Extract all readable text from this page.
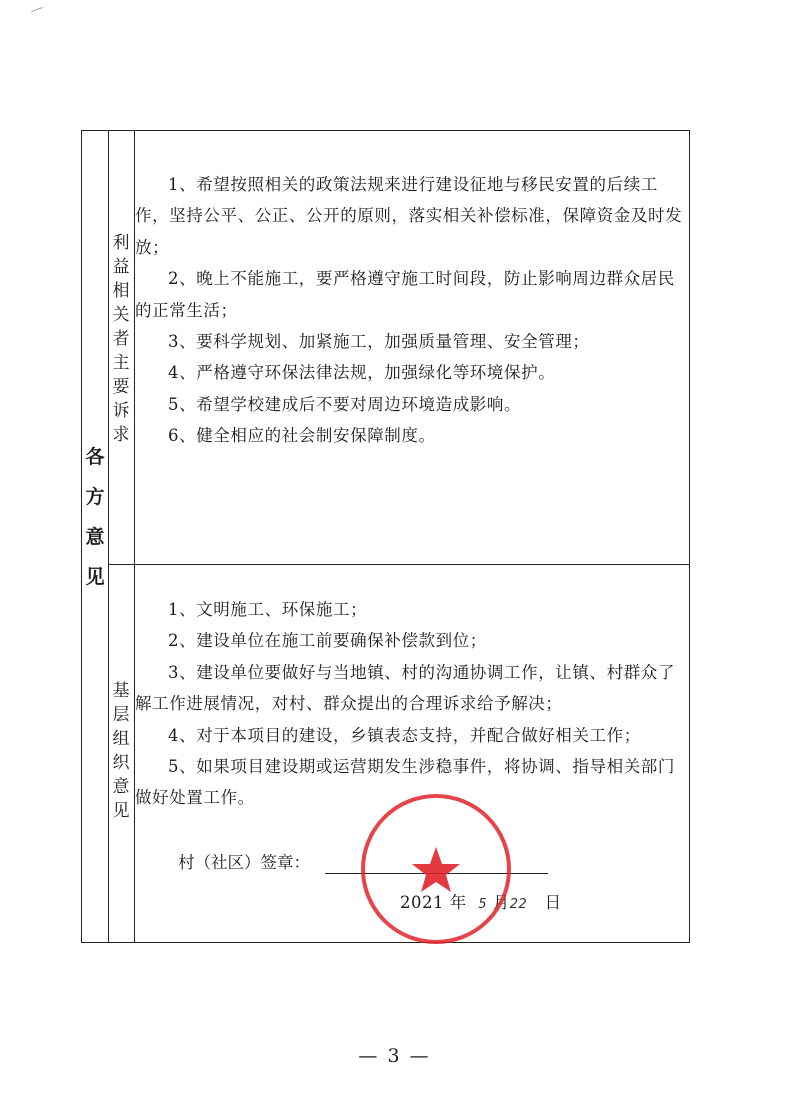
各
方
意
见
利
益
相
关
者
主
要
诉
求

1、希望按照相关的政策法规来进行建设征地与移民安置的后续工作，坚持公平、公正、公开的原则，落实相关补偿标准，保障资金及时发放；

2、晚上不能施工，要严格遵守施工时间段，防止影响周边群众居民的正常生活；

3、要科学规划、加紧施工，加强质量管理、安全管理；

4、严格遵守环保法律法规，加强绿化等环境保护。

5、希望学校建成后不要对周边环境造成影响。

6、健全相应的社会制安保障制度。

基
层
组
织
意
见

1、文明施工、环保施工；

2、建设单位在施工前要确保补偿款到位；

3、建设单位要做好与当地镇、村的沟通协调工作，让镇、村群众了解工作进展情况，对村、群众提出的合理诉求给予解决；

4、对于本项目的建设，乡镇表态支持，并配合做好相关工作；

5、如果项目建设期或运营期发生涉稳事件，将协调、指导相关部门做好处置工作。

村（社区）签章：
2021 年 5 月22 日
— 3 —
